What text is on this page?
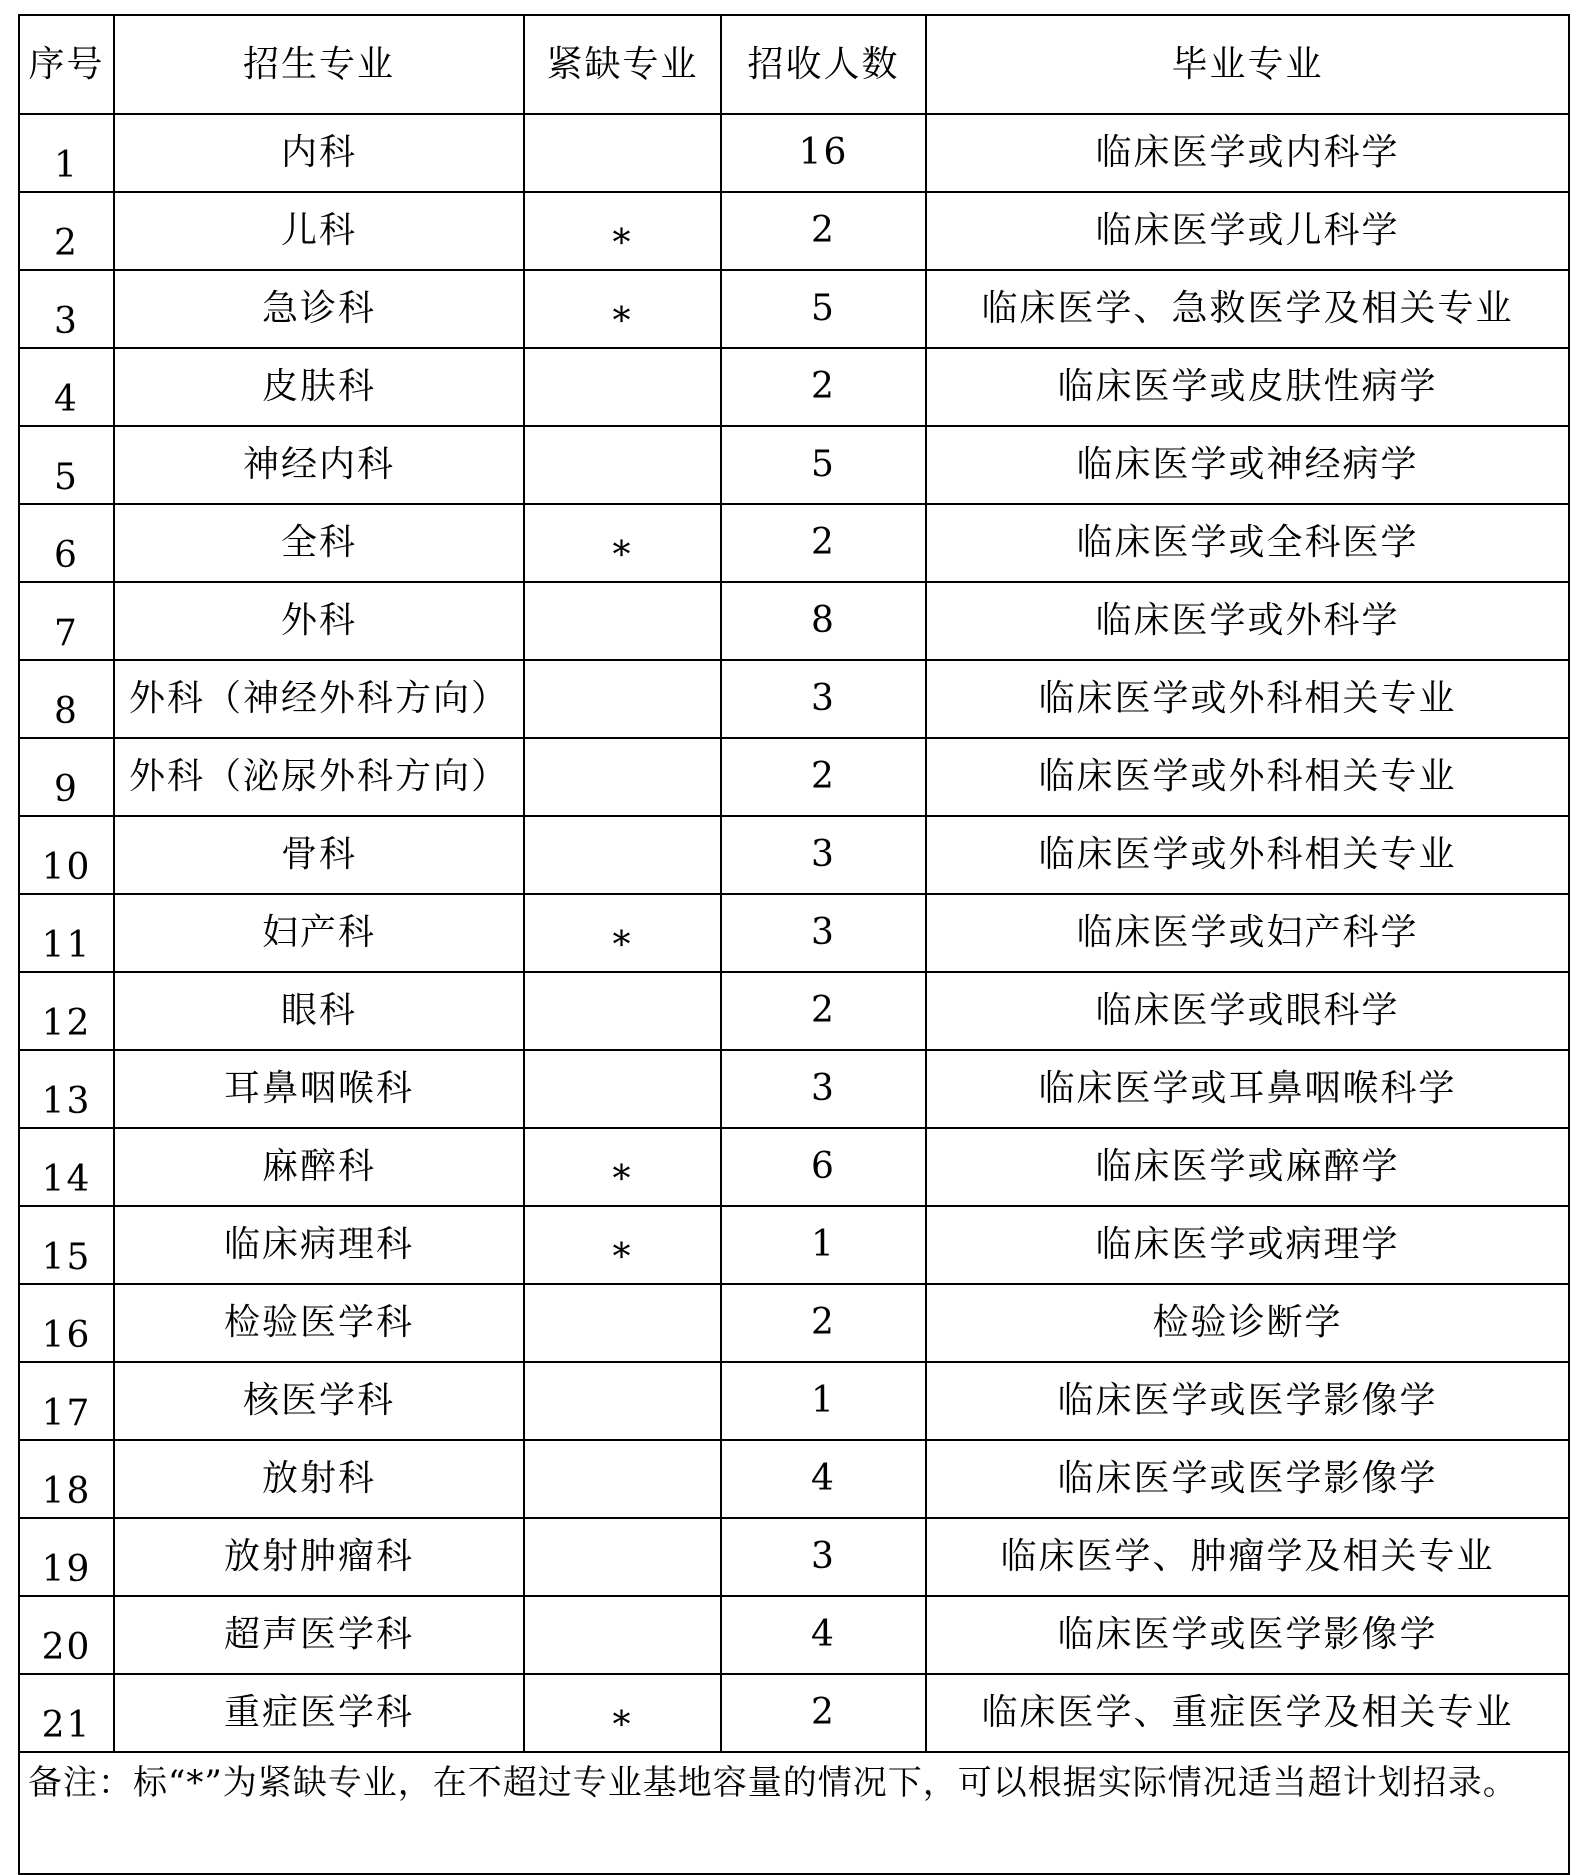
序号	招生专业	紧缺专业	招收人数	毕业专业
1	内科		16	临床医学或内科学
2	儿科	*	2	临床医学或儿科学
3	急诊科	*	5	临床医学、急救医学及相关专业
4	皮肤科		2	临床医学或皮肤性病学
5	神经内科		5	临床医学或神经病学
6	全科	*	2	临床医学或全科医学
7	外科		8	临床医学或外科学
8	外科（神经外科方向）		3	临床医学或外科相关专业
9	外科（泌尿外科方向）		2	临床医学或外科相关专业
10	骨科		3	临床医学或外科相关专业
11	妇产科	*	3	临床医学或妇产科学
12	眼科		2	临床医学或眼科学
13	耳鼻咽喉科		3	临床医学或耳鼻咽喉科学
14	麻醉科	*	6	临床医学或麻醉学
15	临床病理科	*	1	临床医学或病理学
16	检验医学科		2	检验诊断学
17	核医学科		1	临床医学或医学影像学
18	放射科		4	临床医学或医学影像学
19	放射肿瘤科		3	临床医学、肿瘤学及相关专业
20	超声医学科		4	临床医学或医学影像学
21	重症医学科	*	2	临床医学、重症医学及相关专业
备注：标“*”为紧缺专业，在不超过专业基地容量的情况下，可以根据实际情况适当超计划招录。				
